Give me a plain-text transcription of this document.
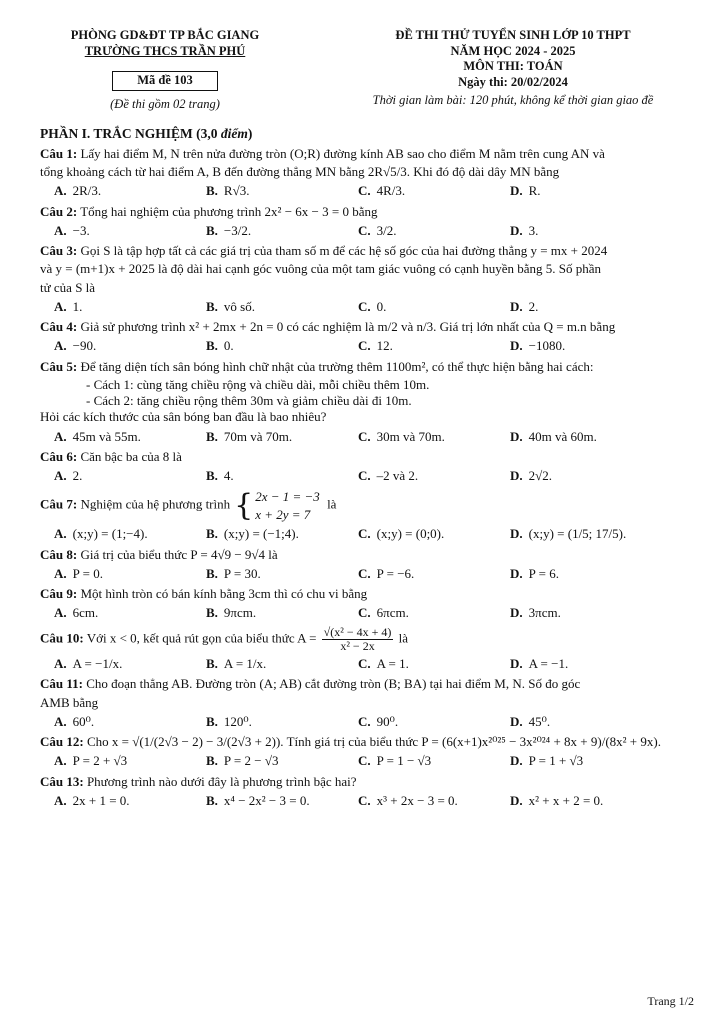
PHÒNG GD&ĐT TP BẮC GIANG
TRƯỜNG THCS TRẦN PHÚ
Mã đề 103
(Đề thi gồm 02 trang)
ĐỀ THI THỬ TUYỂN SINH LỚP 10 THPT
NĂM HỌC 2024 - 2025
MÔN THI: TOÁN
Ngày thi: 20/02/2024
Thời gian làm bài: 120 phút, không kể thời gian giao đề
PHẦN I. TRẮC NGHIỆM (3,0 điểm)
Câu 1: Lấy hai điểm M, N trên nửa đường tròn (O;R) đường kính AB sao cho điểm M nằm trên cung AN và
tổng khoảng cách từ hai điểm A, B đến đường thẳng MN bằng 2R√5/3. Khi đó độ dài dây MN bằng
A. 2R/3.	B. R√3.	C. 4R/3.	D. R.
Câu 2: Tổng hai nghiệm của phương trình 2x² − 6x − 3 = 0 bằng
A. −3.	B. −3/2.	C. 3/2.	D. 3.
Câu 3: Gọi S là tập hợp tất cả các giá trị của tham số m để các hệ số góc của hai đường thẳng y = mx + 2024
và y = (m+1)x + 2025 là độ dài hai cạnh góc vuông của một tam giác vuông có cạnh huyền bằng 5. Số phần
tử của S là
A. 1.	B. vô số.	C. 0.	D. 2.
Câu 4: Giả sử phương trình x² + 2mx + 2n = 0 có các nghiệm là m/2 và n/3. Giá trị lớn nhất của Q = m.n bằng
A. −90.	B. 0.	C. 12.	D. −1080.
Câu 5: Để tăng diện tích sân bóng hình chữ nhật của trường thêm 1100m², có thể thực hiện bằng hai cách:
- Cách 1: cùng tăng chiều rộng và chiều dài, mỗi chiều thêm 10m.
- Cách 2: tăng chiều rộng thêm 30m và giảm chiều dài đi 10m.
Hỏi các kích thước của sân bóng ban đầu là bao nhiêu?
A. 45m và 55m.	B. 70m và 70m.	C. 30m và 70m.	D. 40m và 60m.
Câu 6: Căn bậc ba của 8 là
A. 2.	B. 4.	C. –2 và 2.	D. 2√2.
Câu 7: Nghiệm của hệ phương trình { 2x − 1 = −3
x + 2y = 7
là
A. (x;y) = (1;−4).	B. (x;y) = (−1;4).	C. (x;y) = (0;0).	D. (x;y) = (1/5; 17/5).
Câu 8: Giá trị của biểu thức P = 4√9 − 9√4 là
A. P = 0.	B. P = 30.	C. P = −6.	D. P = 6.
Câu 9: Một hình tròn có bán kính bằng 3cm thì có chu vi bằng
A. 6cm.	B. 9πcm.	C. 6πcm.	D. 3πcm.
Câu 10: Với x < 0, kết quả rút gọn của biểu thức $A = \frac{\text{√(x² − 4x + 4)}}{\text{x² − 2x}}$ là
A. A = −1/x.	B. A = 1/x.	C. A = 1.	D. A = −1.
Câu 11: Cho đoạn thẳng AB. Đường tròn (A; AB) cắt đường tròn (B; BA) tại hai điểm M, N. Số đo góc
AMB bằng
A. 60⁰.	B. 120⁰.	C. 90⁰.	D. 45⁰.
Câu 12: Cho x = √(1/(2√3 − 2) − 3/(2√3 + 2)). Tính giá trị của biểu thức P = (6(x+1)x²⁰²⁵ − 3x²⁰²⁴ + 8x + 9)/(8x² + 9x).
A. P = 2 + √3	B. P = 2 − √3	C. P = 1 − √3	D. P = 1 + √3
Câu 13: Phương trình nào dưới đây là phương trình bậc hai?
A. 2x + 1 = 0.	B. x⁴ − 2x² − 3 = 0.	C. x³ + 2x − 3 = 0.	D. x² + x + 2 = 0.
Trang 1/2
